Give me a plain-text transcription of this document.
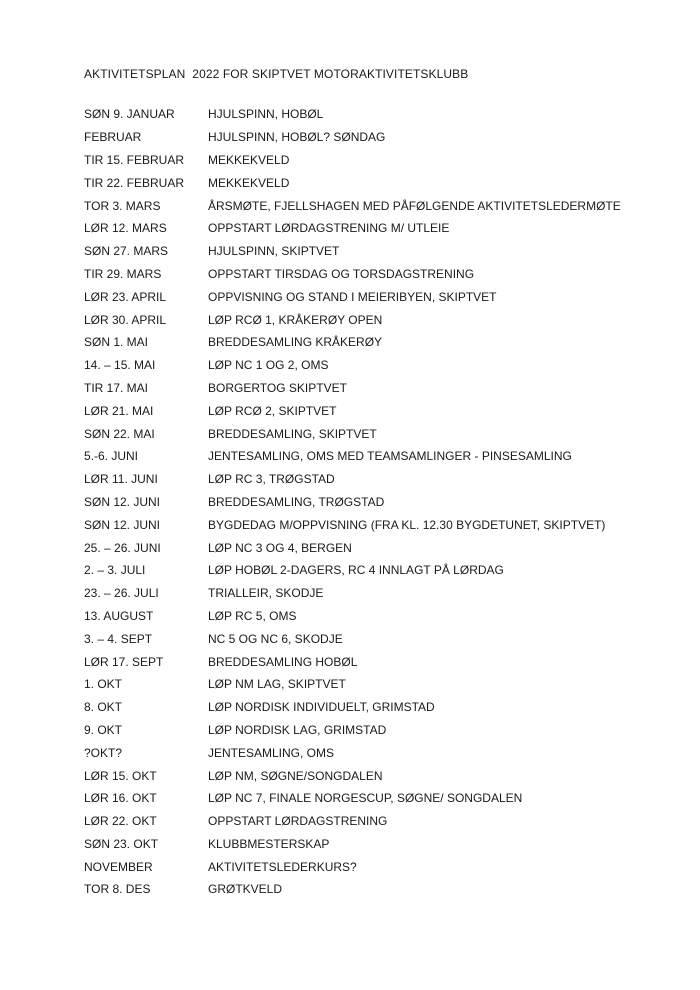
AKTIVITETSPLAN  2022 FOR SKIPTVET MOTORAKTIVITETSKLUBB
SØN 9. JANUAR	HJULSPINN, HOBØL
FEBRUAR	HJULSPINN, HOBØL? SØNDAG
TIR 15. FEBRUAR	MEKKEKVELD
TIR 22. FEBRUAR	MEKKEKVELD
TOR 3. MARS	ÅRSMØTE, FJELLSHAGEN MED PÅFØLGENDE AKTIVITETSLEDERMØTE
LØR 12. MARS	OPPSTART LØRDAGSTRENING M/ UTLEIE
SØN 27. MARS	HJULSPINN, SKIPTVET
TIR 29. MARS	OPPSTART TIRSDAG OG TORSDAGSTRENING
LØR 23. APRIL	OPPVISNING OG STAND I MEIERIBYEN, SKIPTVET
LØR 30. APRIL	LØP RCØ 1, KRÅKERØY OPEN
SØN 1. MAI	BREDDESAMLING KRÅKERØY
14. – 15. MAI	LØP NC 1 OG 2, OMS
TIR 17. MAI	BORGERTOG SKIPTVET
LØR 21. MAI	LØP RCØ 2, SKIPTVET
SØN 22. MAI	BREDDESAMLING, SKIPTVET
5.-6. JUNI	JENTESAMLING, OMS MED TEAMSAMLINGER - PINSESAMLING
LØR 11. JUNI	LØP RC 3, TRØGSTAD
SØN 12. JUNI	BREDDESAMLING, TRØGSTAD
SØN 12. JUNI	BYGDEDAG M/OPPVISNING (FRA KL. 12.30 BYGDETUNET, SKIPTVET)
25. – 26. JUNI	LØP NC 3 OG 4, BERGEN
2. – 3. JULI	LØP HOBØL 2-DAGERS, RC 4 INNLAGT PÅ LØRDAG
23. – 26. JULI	TRIALLEIR, SKODJE
13. AUGUST	LØP RC 5, OMS
3. – 4. SEPT	NC 5 OG NC 6, SKODJE
LØR 17. SEPT	BREDDESAMLING HOBØL
1. OKT	LØP NM LAG, SKIPTVET
8. OKT	LØP NORDISK INDIVIDUELT, GRIMSTAD
9. OKT	LØP NORDISK LAG, GRIMSTAD
?OKT?	JENTESAMLING, OMS
LØR 15. OKT	LØP NM, SØGNE/SONGDALEN
LØR 16. OKT	LØP NC 7, FINALE NORGESCUP, SØGNE/ SONGDALEN
LØR 22. OKT	OPPSTART LØRDAGSTRENING
SØN 23. OKT	KLUBBMESTERSKAP
NOVEMBER	AKTIVITETSLEDERKURS?
TOR 8. DES	GRØTKVELD
